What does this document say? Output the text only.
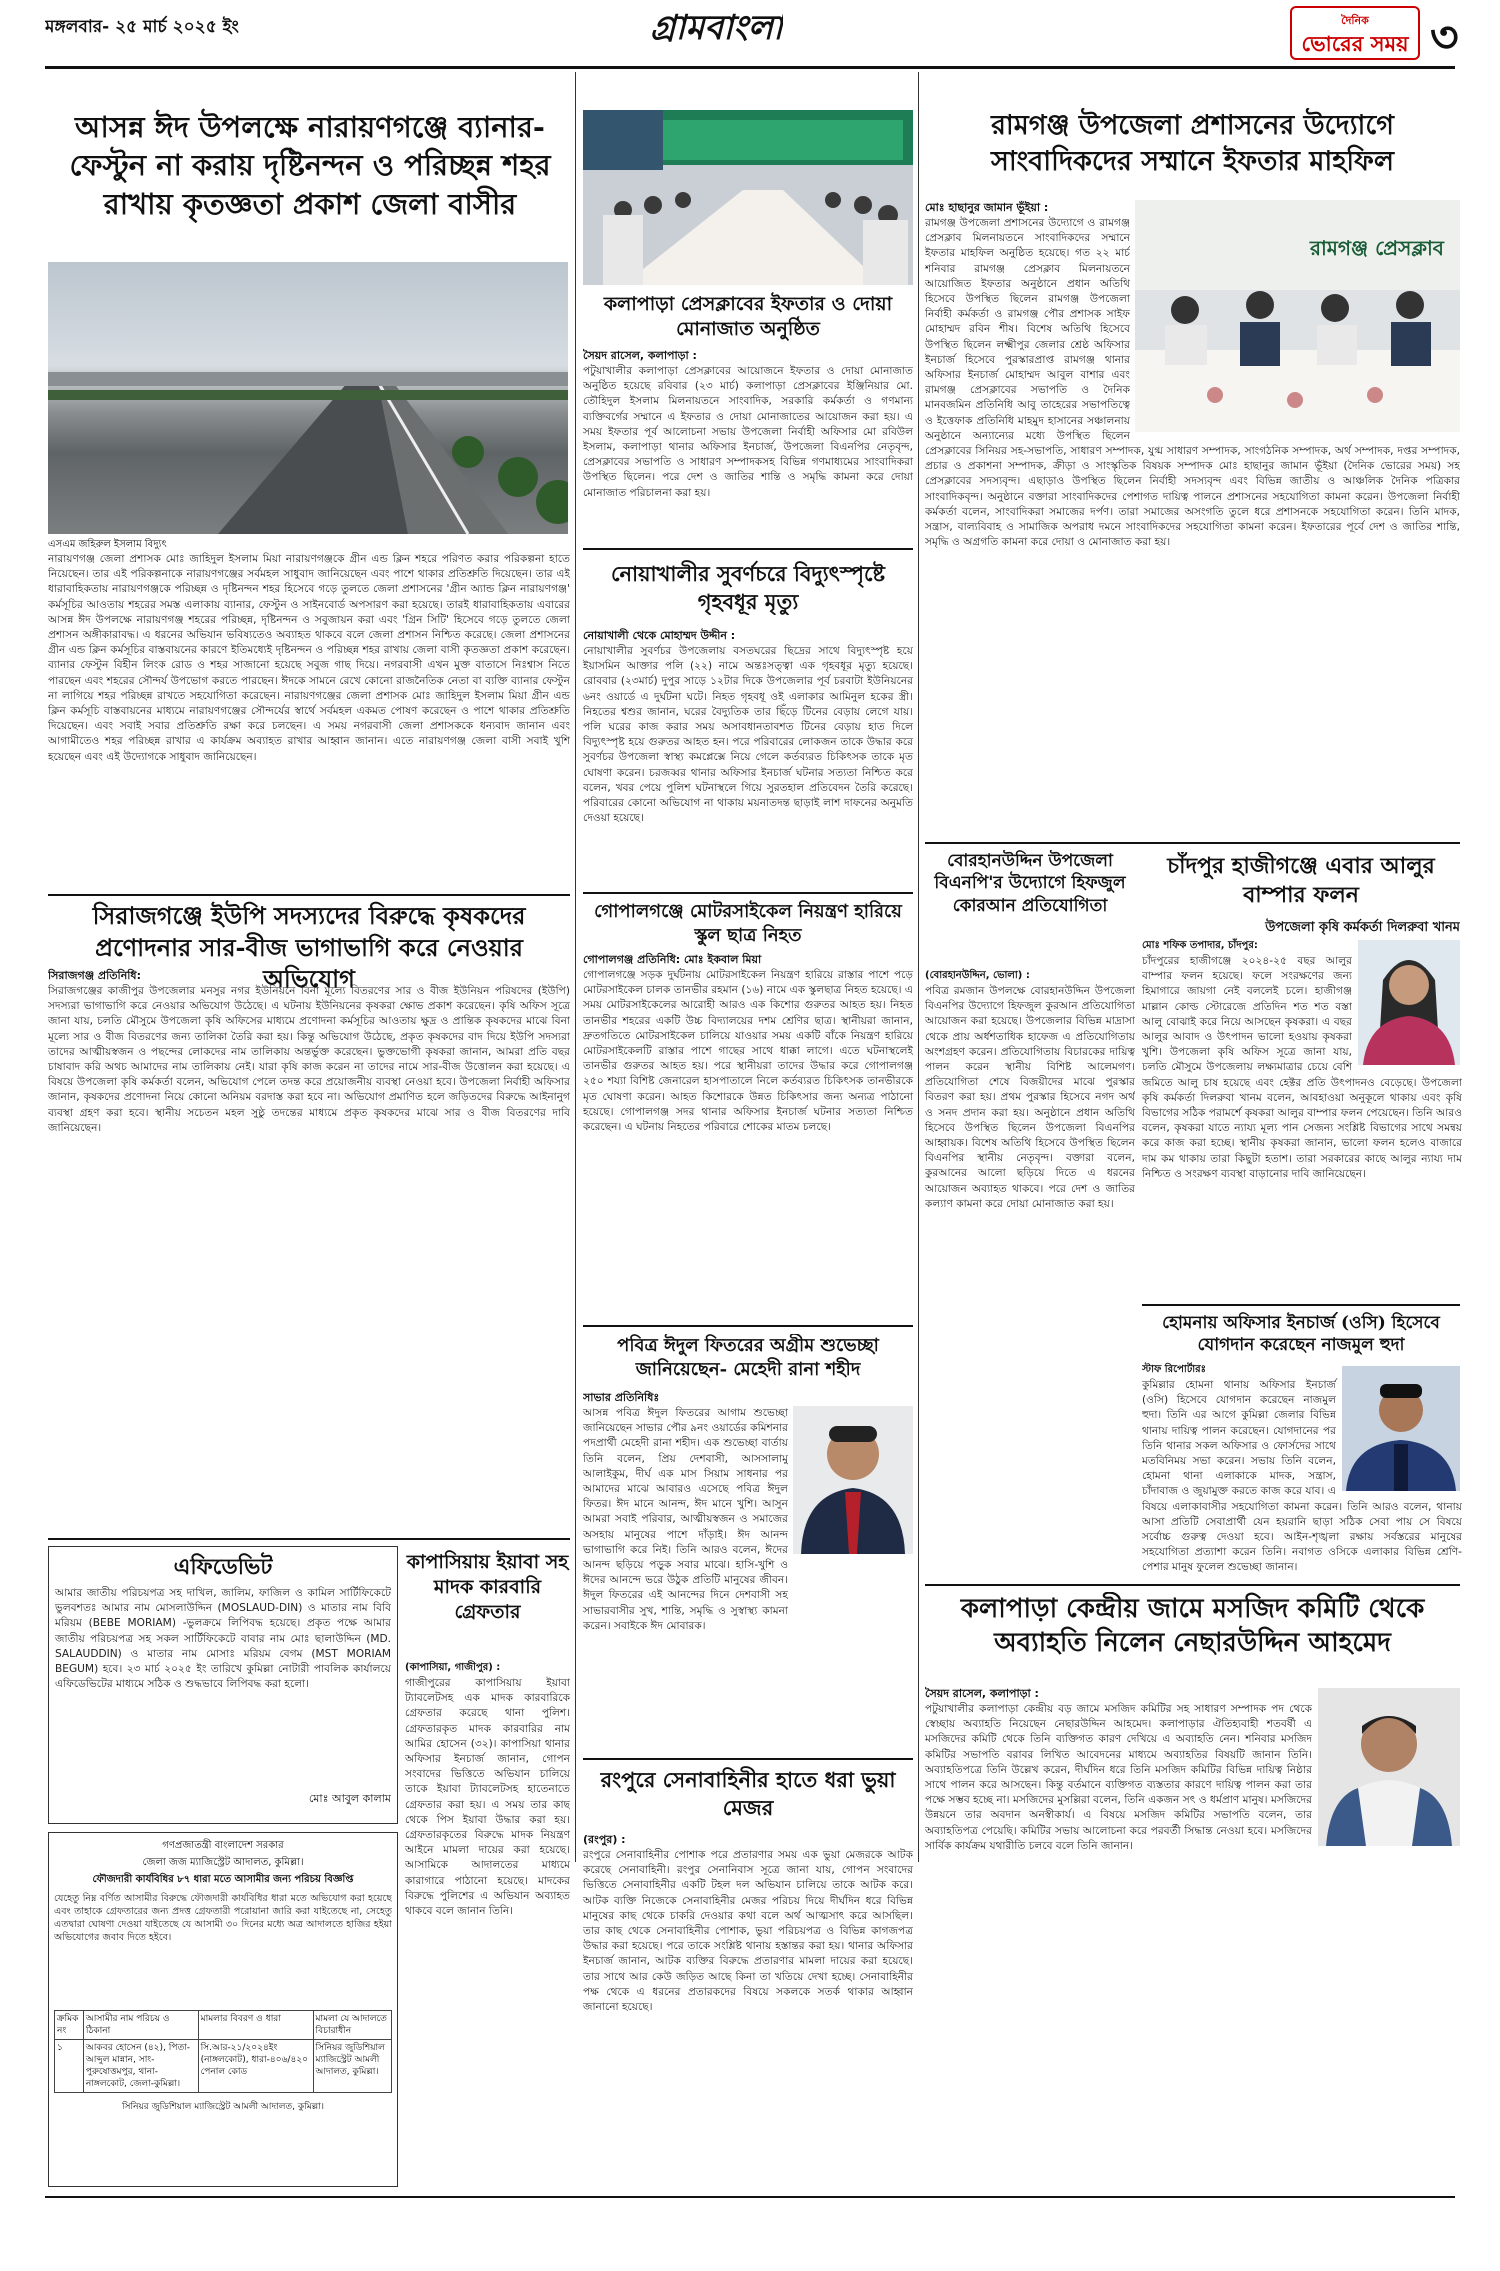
মঙ্গলবার- ২৫ মার্চ ২০২৫ ইং	গ্রামবাংলা	দৈনিক
ভোরের সময় ৩
আসন্ন ঈদ উপলক্ষে নারায়ণগঞ্জে ব্যানার-ফেস্টুন না করায় দৃষ্টিনন্দন ও পরিচ্ছন্ন শহর রাখায় কৃতজ্ঞতা প্রকাশ জেলা বাসীর
এসএম জহিরুল ইসলাম বিদ্যুৎ
নারায়ণগঞ্জ জেলা প্রশাসক মোঃ জাহিদুল ইসলাম মিয়া নারায়ণগঞ্জকে গ্রীন এন্ড ক্লিন শহরে পরিণত করার পরিকল্পনা হাতে নিয়েছেন। তার এই পরিকল্পনাকে নারায়ণগঞ্জের সর্বমহল সাধুবাদ জানিয়েছেন এবং পাশে থাকার প্রতিশ্রুতি দিয়েছেন। তার এই ধারাবাহিকতায় নারায়ণগঞ্জকে পরিচ্ছন্ন ও দৃষ্টিনন্দন শহর হিসেবে গড়ে তুলতে জেলা প্রশাসনের 'গ্রীন অ্যান্ড ক্লিন নারায়ণগঞ্জ' কর্মসূচির আওতায় শহরের সমস্ত এলাকায় ব্যানার, ফেস্টুন ও সাইনবোর্ড অপসারণ করা হয়েছে। তারই ধারাবাহিকতায় এবারের আসন্ন ঈদ উপলক্ষে নারায়ণগঞ্জ শহরের পরিচ্ছন্ন, দৃষ্টিনন্দন ও সবুজায়ন করা এবং 'গ্রিন সিটি' হিসেবে গড়ে তুলতে জেলা প্রশাসন অঙ্গীকারাবদ্ধ। এ ধরনের অভিযান ভবিষ্যতেও অব্যাহত থাকবে বলে জেলা প্রশাসন নিশ্চিত করেছে। জেলা প্রশাসনের গ্রীন এন্ড ক্লিন কর্মসূচির বাস্তবায়নের কারণে ইতিমধ্যেই দৃষ্টিনন্দন ও পরিচ্ছন্ন শহর রাখায় জেলা বাসী কৃতজ্ঞতা প্রকাশ করেছেন। ব্যানার ফেস্টুন বিহীন লিংক রোড ও শহর সাজানো হয়েছে সবুজ গাছ দিয়ে। নগরবাসী এখন মুক্ত বাতাসে নিঃশ্বাস নিতে পারছেন এবং শহরের সৌন্দর্য উপভোগ করতে পারছেন। ঈদকে সামনে রেখে কোনো রাজনৈতিক নেতা বা ব্যক্তি ব্যানার ফেস্টুন না লাগিয়ে শহর পরিচ্ছন্ন রাখতে সহযোগিতা করেছেন। নারায়ণগঞ্জের জেলা প্রশাসক মোঃ জাহিদুল ইসলাম মিয়া গ্রীন এন্ড ক্লিন কর্মসূচি বাস্তবায়নের মাধ্যমে নারায়ণগঞ্জের সৌন্দর্যের স্বার্থে সর্বমহল একমত পোষণ করেছেন ও পাশে থাকার প্রতিশ্রুতি দিয়েছেন। এবং সবাই সবার প্রতিশ্রুতি রক্ষা করে চলছেন। এ সময় নগরবাসী জেলা প্রশাসককে ধন্যবাদ জানান এবং আগামীতেও শহর পরিচ্ছন্ন রাখার এ কার্যক্রম অব্যাহত রাখার আহ্বান জানান। এতে নারায়ণগঞ্জ জেলা বাসী সবাই খুশি হয়েছেন এবং এই উদ্যোগকে সাধুবাদ জানিয়েছেন।
সিরাজগঞ্জে ইউপি সদস্যদের বিরুদ্ধে কৃষকদের প্রণোদনার সার-বীজ ভাগাভাগি করে নেওয়ার অভিযোগ
সিরাজগঞ্জ প্রতিনিধি:
সিরাজগঞ্জের কাজীপুর উপজেলার মনসুর নগর ইউনিয়নে বিনা মূল্যে বিতরণের সার ও বীজ ইউনিয়ন পরিষদের (ইউপি) সদস্যরা ভাগাভাগি করে নেওয়ার অভিযোগ উঠেছে। এ ঘটনায় ইউনিয়নের কৃষকরা ক্ষোভ প্রকাশ করেছেন। কৃষি অফিস সূত্রে জানা যায়, চলতি মৌসুমে উপজেলা কৃষি অফিসের মাধ্যমে প্রণোদনা কর্মসূচির আওতায় ক্ষুদ্র ও প্রান্তিক কৃষকদের মাঝে বিনা মূল্যে সার ও বীজ বিতরণের জন্য তালিকা তৈরি করা হয়। কিন্তু অভিযোগ উঠেছে, প্রকৃত কৃষকদের বাদ দিয়ে ইউপি সদস্যরা তাদের আত্মীয়স্বজন ও পছন্দের লোকদের নাম তালিকায় অন্তর্ভুক্ত করেছেন। ভুক্তভোগী কৃষকরা জানান, আমরা প্রতি বছর চাষাবাদ করি অথচ আমাদের নাম তালিকায় নেই। যারা কৃষি কাজ করেন না তাদের নামে সার-বীজ উত্তোলন করা হয়েছে। এ বিষয়ে উপজেলা কৃষি কর্মকর্তা বলেন, অভিযোগ পেলে তদন্ত করে প্রয়োজনীয় ব্যবস্থা নেওয়া হবে। উপজেলা নির্বাহী অফিসার জানান, কৃষকদের প্রণোদনা নিয়ে কোনো অনিয়ম বরদাস্ত করা হবে না। অভিযোগ প্রমাণিত হলে জড়িতদের বিরুদ্ধে আইনানুগ ব্যবস্থা গ্রহণ করা হবে। স্থানীয় সচেতন মহল সুষ্ঠু তদন্তের মাধ্যমে প্রকৃত কৃষকদের মাঝে সার ও বীজ বিতরণের দাবি জানিয়েছেন।
এফিডেভিট
আমার জাতীয় পরিচয়পত্র সহ দাখিল, জালিম, ফাজিল ও কামিল সার্টিফিকেটে ভুলবশতঃ আমার নাম মোসলাউদ্দিন (MOSLAUD-DIN) ও মাতার নাম বিবি মরিয়ম (BEBE MORIAM) -ভুলক্রমে লিপিবদ্ধ হয়েছে। প্রকৃত পক্ষে আমার জাতীয় পরিচয়পত্র সহ সকল সার্টিফিকেটে বাবার নাম মোঃ ছালাউদ্দিন (MD. SALAUDDIN) ও মাতার নাম মোসাঃ মরিয়ম বেগম (MST MORIAM BEGUM) হবে। ২৩ মার্চ ২০২৫ ইং তারিখে কুমিল্লা নোটারী পাবলিক কার্যালয়ে এফিডেভিটের মাধ্যমে সঠিক ও শুদ্ধভাবে লিপিবদ্ধ করা হলো।
মোঃ আবুল কালাম
গণপ্রজাতন্ত্রী বাংলাদেশ সরকার
জেলা জজ ম্যাজিস্ট্রেট আদালত, কুমিল্লা।
ফৌজদারী কার্যবিধির ৮৭ ধারা মতে আসামীর জন্য পরিচয় বিজ্ঞপ্তি
যেহেতু নিম্ন বর্ণিত আসামীর বিরুদ্ধে ফৌজদারী কার্যবিধির ধারা মতে অভিযোগ করা হয়েছে এবং তাহাকে গ্রেফতারের জন্য প্রদত্ত গ্রেফতারী পরোয়ানা জারি করা যাইতেছে না, সেহেতু এতদ্বারা ঘোষণা দেওয়া যাইতেছে যে আসামী ৩০ দিনের মধ্যে অত্র আদালতে হাজির হইয়া অভিযোগের জবাব দিতে হইবে।
ক্রমিক নং	আসামীর নাম পরিচয় ও ঠিকানা	মামলার বিবরণ ও ধারা	মামলা যে আদালতে বিচারাধীন
১	আকবর হোসেন (৪২), পিতা-আব্দুল মান্নান, সাং-পুরুষোত্তমপুর, থানা-নাঙ্গলকোট, জেলা-কুমিল্লা।	সি.আর-২১/২০২৪ইং (নাঙ্গলকোট), ধারা-৪০৬/৪২০ পেনাল কোড	সিনিয়র জুডিশিয়াল ম্যাজিস্ট্রেট আমলী আদালত, কুমিল্লা।
সিনিয়র জুডিশিয়াল ম্যাজিস্ট্রেট আমলী আদালত, কুমিল্লা।
কাপাসিয়ায় ইয়াবা সহ মাদক কারবারি গ্রেফতার
(কাপাসিয়া, গাজীপুর) :
গাজীপুরের কাপাসিয়ায় ইয়াবা ট্যাবলেটসহ এক মাদক কারবারিকে গ্রেফতার করেছে থানা পুলিশ। গ্রেফতারকৃত মাদক কারবারির নাম আমির হোসেন (৩২)। কাপাসিয়া থানার অফিসার ইনচার্জ জানান, গোপন সংবাদের ভিত্তিতে অভিযান চালিয়ে তাকে ইয়াবা ট্যাবলেটসহ হাতেনাতে গ্রেফতার করা হয়। এ সময় তার কাছ থেকে পিস ইয়াবা উদ্ধার করা হয়। গ্রেফতারকৃতের বিরুদ্ধে মাদক নিয়ন্ত্রণ আইনে মামলা দায়ের করা হয়েছে। আসামিকে আদালতের মাধ্যমে কারাগারে পাঠানো হয়েছে। মাদকের বিরুদ্ধে পুলিশের এ অভিযান অব্যাহত থাকবে বলে জানান তিনি।
কলাপাড়া প্রেসক্লাবের ইফতার ও দোয়া মোনাজাত অনুষ্ঠিত
সৈয়দ রাসেল, কলাপাড়া :
পটুয়াখালীর কলাপাড়া প্রেসক্লাবের আয়োজনে ইফতার ও দোয়া মোনাজাত অনুষ্ঠিত হয়েছে রবিবার (২৩ মার্চ) কলাপাড়া প্রেসক্লাবের ইঞ্জিনিয়ার মো. তৌহিদুল ইসলাম মিলনায়তনে সাংবাদিক, সরকারি কর্মকর্তা ও গণমান্য ব্যক্তিবর্গের সম্মানে এ ইফতার ও দোয়া মোনাজাতের আয়োজন করা হয়। এ সময় ইফতার পূর্ব আলোচনা সভায় উপজেলা নির্বাহী অফিসার মো রবিউল ইসলাম, কলাপাড়া থানার অফিসার ইনচার্জ, উপজেলা বিএনপির নেতৃবৃন্দ, প্রেসক্লাবের সভাপতি ও সাধারণ সম্পাদকসহ বিভিন্ন গণমাধ্যমের সাংবাদিকরা উপস্থিত ছিলেন। পরে দেশ ও জাতির শান্তি ও সমৃদ্ধি কামনা করে দোয়া মোনাজাত পরিচালনা করা হয়।
নোয়াখালীর সুবর্ণচরে বিদ্যুৎস্পৃষ্টে গৃহবধূর মৃত্যু
নোয়াখালী থেকে মোহাম্মদ উদ্দীন :
নোয়াখালীর সুবর্ণচর উপজেলায় বসতঘরের ছিদ্রের সাথে বিদ্যুৎস্পৃষ্ট হয়ে ইয়াসমিন আক্তার পলি (২২) নামে অন্তঃসত্ত্বা এক গৃহবধূর মৃত্যু হয়েছে। রোববার (২৩মার্চ) দুপুর সাড়ে ১২টার দিকে উপজেলার পূর্ব চরবাটা ইউনিয়নের ৬নং ওয়ার্ডে এ দুর্ঘটনা ঘটে। নিহত গৃহবধূ ওই এলাকার আমিনুল হকের স্ত্রী। নিহতের শ্বশুর জানান, ঘরের বৈদ্যুতিক তার ছিঁড়ে টিনের বেড়ায় লেগে যায়। পলি ঘরের কাজ করার সময় অসাবধানতাবশত টিনের বেড়ায় হাত দিলে বিদ্যুৎস্পৃষ্ট হয়ে গুরুতর আহত হন। পরে পরিবারের লোকজন তাকে উদ্ধার করে সুবর্ণচর উপজেলা স্বাস্থ্য কমপ্লেক্সে নিয়ে গেলে কর্তব্যরত চিকিৎসক তাকে মৃত ঘোষণা করেন। চরজব্বর থানার অফিসার ইনচার্জ ঘটনার সত্যতা নিশ্চিত করে বলেন, খবর পেয়ে পুলিশ ঘটনাস্থলে গিয়ে সুরতহাল প্রতিবেদন তৈরি করেছে। পরিবারের কোনো অভিযোগ না থাকায় ময়নাতদন্ত ছাড়াই লাশ দাফনের অনুমতি দেওয়া হয়েছে।
গোপালগঞ্জে মোটরসাইকেল নিয়ন্ত্রণ হারিয়ে স্কুল ছাত্র নিহত
গোপালগঞ্জ প্রতিনিধি: মোঃ ইকবাল মিয়া
গোপালগঞ্জে সড়ক দুর্ঘটনায় মোটরসাইকেল নিয়ন্ত্রণ হারিয়ে রাস্তার পাশে পড়ে মোটরসাইকেল চালক তানভীর রহমান (১৬) নামে এক স্কুলছাত্র নিহত হয়েছে। এ সময় মোটরসাইকেলের আরোহী আরও এক কিশোর গুরুতর আহত হয়। নিহত তানভীর শহরের একটি উচ্চ বিদ্যালয়ের দশম শ্রেণির ছাত্র। স্থানীয়রা জানান, দ্রুতগতিতে মোটরসাইকেল চালিয়ে যাওয়ার সময় একটি বাঁকে নিয়ন্ত্রণ হারিয়ে মোটরসাইকেলটি রাস্তার পাশে গাছের সাথে ধাক্কা লাগে। এতে ঘটনাস্থলেই তানভীর গুরুতর আহত হয়। পরে স্থানীয়রা তাদের উদ্ধার করে গোপালগঞ্জ ২৫০ শয্যা বিশিষ্ট জেনারেল হাসপাতালে নিলে কর্তব্যরত চিকিৎসক তানভীরকে মৃত ঘোষণা করেন। আহত কিশোরকে উন্নত চিকিৎসার জন্য অন্যত্র পাঠানো হয়েছে। গোপালগঞ্জ সদর থানার অফিসার ইনচার্জ ঘটনার সত্যতা নিশ্চিত করেছেন। এ ঘটনায় নিহতের পরিবারে শোকের মাতম চলছে।
পবিত্র ঈদুল ফিতরের অগ্রীম শুভেচ্ছা জানিয়েছেন- মেহেদী রানা শহীদ
সাভার প্রতিনিধিঃ
আসন্ন পবিত্র ঈদুল ফিতরের আগাম শুভেচ্ছা জানিয়েছেন সাভার পৌর ৯নং ওয়ার্ডের কমিশনার পদপ্রার্থী মেহেদী রানা শহীদ। এক শুভেচ্ছা বার্তায় তিনি বলেন, প্রিয় দেশবাসী, আসসালামু আলাইকুম, দীর্ঘ এক মাস সিয়াম সাধনার পর আমাদের মাঝে আবারও এসেছে পবিত্র ঈদুল ফিতর। ঈদ মানে আনন্দ, ঈদ মানে খুশি। আসুন আমরা সবাই পরিবার, আত্মীয়স্বজন ও সমাজের অসহায় মানুষের পাশে দাঁড়াই। ঈদ আনন্দ ভাগাভাগি করে নিই। তিনি আরও বলেন, ঈদের আনন্দ ছড়িয়ে পড়ুক সবার মাঝে। হাসি-খুশি ও ঈদের আনন্দে ভরে উঠুক প্রতিটি মানুষের জীবন। ঈদুল ফিতরের এই আনন্দের দিনে দেশবাসী সহ সাভারবাসীর সুখ, শান্তি, সমৃদ্ধি ও সুস্বাস্থ্য কামনা করেন। সবাইকে ঈদ মোবারক।
রংপুরে সেনাবাহিনীর হাতে ধরা ভুয়া মেজর
(রংপুর) :
রংপুরে সেনাবাহিনীর পোশাক পরে প্রতারণার সময় এক ভুয়া মেজরকে আটক করেছে সেনাবাহিনী। রংপুর সেনানিবাস সূত্রে জানা যায়, গোপন সংবাদের ভিত্তিতে সেনাবাহিনীর একটি টহল দল অভিযান চালিয়ে তাকে আটক করে। আটক ব্যক্তি নিজেকে সেনাবাহিনীর মেজর পরিচয় দিয়ে দীর্ঘদিন ধরে বিভিন্ন মানুষের কাছ থেকে চাকরি দেওয়ার কথা বলে অর্থ আত্মসাৎ করে আসছিল। তার কাছ থেকে সেনাবাহিনীর পোশাক, ভুয়া পরিচয়পত্র ও বিভিন্ন কাগজপত্র উদ্ধার করা হয়েছে। পরে তাকে সংশ্লিষ্ট থানায় হস্তান্তর করা হয়। থানার অফিসার ইনচার্জ জানান, আটক ব্যক্তির বিরুদ্ধে প্রতারণার মামলা দায়ের করা হয়েছে। তার সাথে আর কেউ জড়িত আছে কিনা তা খতিয়ে দেখা হচ্ছে। সেনাবাহিনীর পক্ষ থেকে এ ধরনের প্রতারকদের বিষয়ে সকলকে সতর্ক থাকার আহ্বান জানানো হয়েছে।
রামগঞ্জ উপজেলা প্রশাসনের উদ্যোগে সাংবাদিকদের সম্মানে ইফতার মাহফিল
মোঃ হাছানুর জামান ভূঁইয়া :
রামগঞ্জ প্রেসক্লাব
রামগঞ্জ উপজেলা প্রশাসনের উদ্যোগে ও রামগঞ্জ প্রেসক্লাব মিলনায়তনে সাংবাদিকদের সম্মানে ইফতার মাহফিল অনুষ্ঠিত হয়েছে। গত ২২ মার্চ শনিবার রামগঞ্জ প্রেসক্লাব মিলনায়তনে আয়োজিত ইফতার অনুষ্ঠানে প্রধান অতিথি হিসেবে উপস্থিত ছিলেন রামগঞ্জ উপজেলা নির্বাহী কর্মকর্তা ও রামগঞ্জ পৌর প্রশাসক সাইফ মোহাম্মদ রবিন শীষ। বিশেষ অতিথি হিসেবে উপস্থিত ছিলেন লক্ষ্মীপুর জেলার শ্রেষ্ঠ অফিসার ইনচার্জ হিসেবে পুরস্কারপ্রাপ্ত রামগঞ্জ থানার অফিসার ইনচার্জ মোহাম্মদ আবুল বাশার এবং রামগঞ্জ প্রেসক্লাবের সভাপতি ও দৈনিক মানবজমিন প্রতিনিধি আবু তাহেরের সভাপতিত্বে ও ইত্তেফাক প্রতিনিধি মাহমুদ হাসানের সঞ্চালনায় অনুষ্ঠানে অন্যান্যের মধ্যে উপস্থিত ছিলেন প্রেসক্লাবের সিনিয়র সহ-সভাপতি, সাধারণ সম্পাদক, যুগ্ম সাধারণ সম্পাদক, সাংগঠনিক সম্পাদক, অর্থ সম্পাদক, দপ্তর সম্পাদক, প্রচার ও প্রকাশনা সম্পাদক, ক্রীড়া ও সাংস্কৃতিক বিষয়ক সম্পাদক মোঃ হাছানুর জামান ভূঁইয়া (দৈনিক ভোরের সময়) সহ প্রেসক্লাবের সদস্যবৃন্দ। এছাড়াও উপস্থিত ছিলেন নির্বাহী সদস্যবৃন্দ এবং বিভিন্ন জাতীয় ও আঞ্চলিক দৈনিক পত্রিকার সাংবাদিকবৃন্দ। অনুষ্ঠানে বক্তারা সাংবাদিকদের পেশাগত দায়িত্ব পালনে প্রশাসনের সহযোগিতা কামনা করেন। উপজেলা নির্বাহী কর্মকর্তা বলেন, সাংবাদিকরা সমাজের দর্পণ। তারা সমাজের অসংগতি তুলে ধরে প্রশাসনকে সহযোগিতা করেন। তিনি মাদক, সন্ত্রাস, বাল্যবিবাহ ও সামাজিক অপরাধ দমনে সাংবাদিকদের সহযোগিতা কামনা করেন। ইফতারের পূর্বে দেশ ও জাতির শান্তি, সমৃদ্ধি ও অগ্রগতি কামনা করে দোয়া ও মোনাজাত করা হয়।
বোরহানউদ্দিন উপজেলা বিএনপি'র উদ্যোগে হিফজুল কোরআন প্রতিযোগিতা
(বোরহানউদ্দিন, ভোলা) :
পবিত্র রমজান উপলক্ষে বোরহানউদ্দিন উপজেলা বিএনপির উদ্যোগে হিফজুল কুরআন প্রতিযোগিতা আয়োজন করা হয়েছে। উপজেলার বিভিন্ন মাদ্রাসা থেকে প্রায় অর্ধশতাধিক হাফেজ এ প্রতিযোগিতায় অংশগ্রহণ করেন। প্রতিযোগিতায় বিচারকের দায়িত্ব পালন করেন স্থানীয় বিশিষ্ট আলেমগণ। প্রতিযোগিতা শেষে বিজয়ীদের মাঝে পুরস্কার বিতরণ করা হয়। প্রথম পুরস্কার হিসেবে নগদ অর্থ ও সনদ প্রদান করা হয়। অনুষ্ঠানে প্রধান অতিথি হিসেবে উপস্থিত ছিলেন উপজেলা বিএনপির আহ্বায়ক। বিশেষ অতিথি হিসেবে উপস্থিত ছিলেন বিএনপির স্থানীয় নেতৃবৃন্দ। বক্তারা বলেন, কুরআনের আলো ছড়িয়ে দিতে এ ধরনের আয়োজন অব্যাহত থাকবে। পরে দেশ ও জাতির কল্যাণ কামনা করে দোয়া মোনাজাত করা হয়।
চাঁদপুর হাজীগঞ্জে এবার আলুর বাম্পার ফলন
উপজেলা কৃষি কর্মকর্তা দিলরুবা খানম
মোঃ শফিক তপাদার, চাঁদপুর:
চাঁদপুরের হাজীগঞ্জে ২০২৪-২৫ বছর আলুর বাম্পার ফলন হয়েছে। ফলে সংরক্ষণের জন্য হিমাগারে জায়গা নেই বললেই চলে। হাজীগঞ্জ মাল্লান কোল্ড স্টোরেজে প্রতিদিন শত শত বস্তা আলু বোঝাই করে নিয়ে আসছেন কৃষকরা। এ বছর আলুর আবাদ ও উৎপাদন ভালো হওয়ায় কৃষকরা খুশি। উপজেলা কৃষি অফিস সূত্রে জানা যায়, চলতি মৌসুমে উপজেলায় লক্ষ্যমাত্রার চেয়ে বেশি জমিতে আলু চাষ হয়েছে এবং হেক্টর প্রতি উৎপাদনও বেড়েছে। উপজেলা কৃষি কর্মকর্তা দিলরুবা খানম বলেন, আবহাওয়া অনুকূলে থাকায় এবং কৃষি বিভাগের সঠিক পরামর্শে কৃষকরা আলুর বাম্পার ফলন পেয়েছেন। তিনি আরও বলেন, কৃষকরা যাতে ন্যায্য মূল্য পান সেজন্য সংশ্লিষ্ট বিভাগের সাথে সমন্বয় করে কাজ করা হচ্ছে। স্থানীয় কৃষকরা জানান, ভালো ফলন হলেও বাজারে দাম কম থাকায় তারা কিছুটা হতাশ। তারা সরকারের কাছে আলুর ন্যায্য দাম নিশ্চিত ও সংরক্ষণ ব্যবস্থা বাড়ানোর দাবি জানিয়েছেন।
হোমনায় অফিসার ইনচার্জ (ওসি) হিসেবে যোগদান করেছেন নাজমুল হুদা
স্টাফ রিপোর্টারঃ
কুমিল্লার হোমনা থানায় অফিসার ইনচার্জ (ওসি) হিসেবে যোগদান করেছেন নাজমুল হুদা। তিনি এর আগে কুমিল্লা জেলার বিভিন্ন থানায় দায়িত্ব পালন করেছেন। যোগদানের পর তিনি থানার সকল অফিসার ও ফোর্সদের সাথে মতবিনিময় সভা করেন। সভায় তিনি বলেন, হোমনা থানা এলাকাকে মাদক, সন্ত্রাস, চাঁদাবাজ ও জুয়ামুক্ত করতে কাজ করে যাব। এ বিষয়ে এলাকাবাসীর সহযোগিতা কামনা করেন। তিনি আরও বলেন, থানায় আসা প্রতিটি সেবাপ্রার্থী যেন হয়রানি ছাড়া সঠিক সেবা পায় সে বিষয়ে সর্বোচ্চ গুরুত্ব দেওয়া হবে। আইন-শৃঙ্খলা রক্ষায় সর্বস্তরের মানুষের সহযোগিতা প্রত্যাশা করেন তিনি। নবাগত ওসিকে এলাকার বিভিন্ন শ্রেণি-পেশার মানুষ ফুলেল শুভেচ্ছা জানান।
কলাপাড়া কেন্দ্রীয় জামে মসজিদ কমিটি থেকে অব্যাহতি নিলেন নেছারউদ্দিন আহমেদ
সৈয়দ রাসেল, কলাপাড়া :
পটুয়াখালীর কলাপাড়া কেন্দ্রীয় বড় জামে মসজিদ কমিটির সহ সাধারণ সম্পাদক পদ থেকে স্বেচ্ছায় অব্যাহতি নিয়েছেন নেছারউদ্দিন আহমেদ। কলাপাড়ার ঐতিহ্যবাহী শতবর্ষী এ মসজিদের কমিটি থেকে তিনি ব্যক্তিগত কারণ দেখিয়ে এ অব্যাহতি নেন। শনিবার মসজিদ কমিটির সভাপতি বরাবর লিখিত আবেদনের মাধ্যমে অব্যাহতির বিষয়টি জানান তিনি। অব্যাহতিপত্রে তিনি উল্লেখ করেন, দীর্ঘদিন ধরে তিনি মসজিদ কমিটির বিভিন্ন দায়িত্ব নিষ্ঠার সাথে পালন করে আসছেন। কিন্তু বর্তমানে ব্যক্তিগত ব্যস্ততার কারণে দায়িত্ব পালন করা তার পক্ষে সম্ভব হচ্ছে না। মসজিদের মুসল্লিরা বলেন, তিনি একজন সৎ ও ধর্মপ্রাণ মানুষ। মসজিদের উন্নয়নে তার অবদান অনস্বীকার্য। এ বিষয়ে মসজিদ কমিটির সভাপতি বলেন, তার অব্যাহতিপত্র পেয়েছি। কমিটির সভায় আলোচনা করে পরবর্তী সিদ্ধান্ত নেওয়া হবে। মসজিদের সার্বিক কার্যক্রম যথারীতি চলবে বলে তিনি জানান।
